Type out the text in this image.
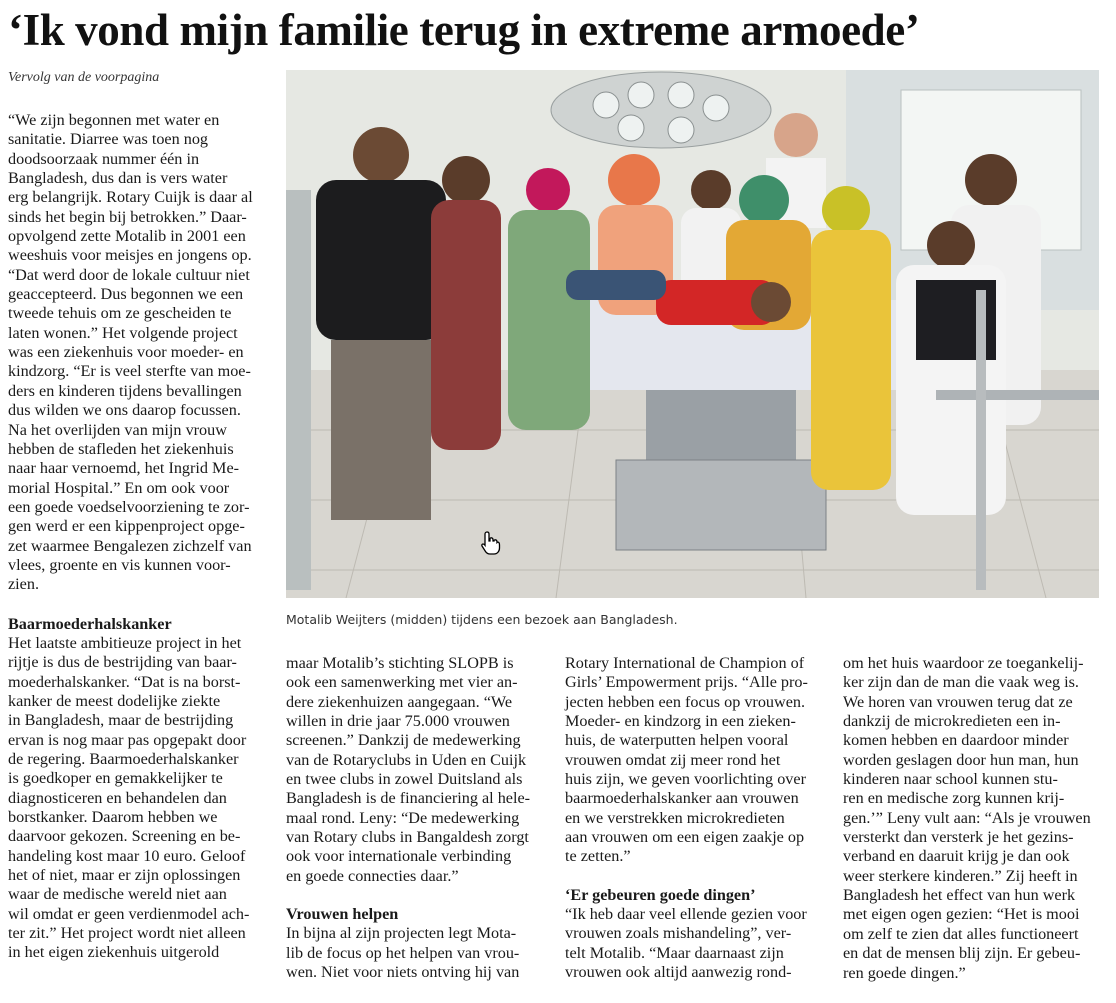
‘Ik vond mijn familie terug in extreme armoede’
Vervolg van de voorpagina
“We zijn begonnen met water en
sanitatie. Diarree was toen nog
doodsoorzaak nummer één in
Bangladesh, dus dan is vers water
erg belangrijk. Rotary Cuijk is daar al
sinds het begin bij betrokken.” Daar-
opvolgend zette Motalib in 2001 een
weeshuis voor meisjes en jongens op.
“Dat werd door de lokale cultuur niet
geaccepteerd. Dus begonnen we een
tweede tehuis om ze gescheiden te
laten wonen.” Het volgende project
was een ziekenhuis voor moeder- en
kindzorg. “Er is veel sterfte van moe-
ders en kinderen tijdens bevallingen
dus wilden we ons daarop focussen.
Na het overlijden van mijn vrouw
hebben de stafleden het ziekenhuis
naar haar vernoemd, het Ingrid Me-
morial Hospital.” En om ook voor
een goede voedselvoorziening te zor-
gen werd er een kippenproject opge-
zet waarmee Bengalezen zichzelf van
vlees, groente en vis kunnen voor-
zien.

Baarmoederhalskanker

Het laatste ambitieuze project in het
rijtje is dus de bestrijding van baar-
moederhalskanker. “Dat is na borst-
kanker de meest dodelijke ziekte
in Bangladesh, maar de bestrijding
ervan is nog maar pas opgepakt door
de regering. Baarmoederhalskanker
is goedkoper en gemakkelijker te
diagnosticeren en behandelen dan
borstkanker. Daarom hebben we
daarvoor gekozen. Screening en be-
handeling kost maar 10 euro. Geloof
het of niet, maar er zijn oplossingen
waar de medische wereld niet aan
wil omdat er geen verdienmodel ach-
ter zit.” Het project wordt niet alleen
in het eigen ziekenhuis uitgerold
Motalib Weijters (midden) tijdens een bezoek aan Bangladesh.
maar Motalib’s stichting SLOPB is
ook een samenwerking met vier an-
dere ziekenhuizen aangegaan. “We
willen in drie jaar 75.000 vrouwen
screenen.” Dankzij de medewerking
van de Rotaryclubs in Uden en Cuijk
en twee clubs in zowel Duitsland als
Bangladesh is de financiering al hele-
maal rond. Leny: “De medewerking
van Rotary clubs in Bangaldesh zorgt
ook voor internationale verbinding
en goede connecties daar.”

Vrouwen helpen

In bijna al zijn projecten legt Mota-
lib de focus op het helpen van vrou-
wen. Niet voor niets ontving hij van
Rotary International de Champion of
Girls’ Empowerment prijs. “Alle pro-
jecten hebben een focus op vrouwen.
Moeder- en kindzorg in een zieken-
huis, de waterputten helpen vooral
vrouwen omdat zij meer rond het
huis zijn, we geven voorlichting over
baarmoederhalskanker aan vrouwen
en we verstrekken microkredieten
aan vrouwen om een eigen zaakje op
te zetten.”

‘Er gebeuren goede dingen’

“Ik heb daar veel ellende gezien voor
vrouwen zoals mishandeling”, ver-
telt Motalib. “Maar daarnaast zijn
vrouwen ook altijd aanwezig rond-
om het huis waardoor ze toegankelij-
ker zijn dan de man die vaak weg is.
We horen van vrouwen terug dat ze
dankzij de microkredieten een in-
komen hebben en daardoor minder
worden geslagen door hun man, hun
kinderen naar school kunnen stu-
ren en medische zorg kunnen krij-
gen.’” Leny vult aan: “Als je vrouwen
versterkt dan versterk je het gezins-
verband en daaruit krijg je dan ook
weer sterkere kinderen.” Zij heeft in
Bangladesh het effect van hun werk
met eigen ogen gezien: “Het is mooi
om zelf te zien dat alles functioneert
en dat de mensen blij zijn. Er gebeu-
ren goede dingen.”
